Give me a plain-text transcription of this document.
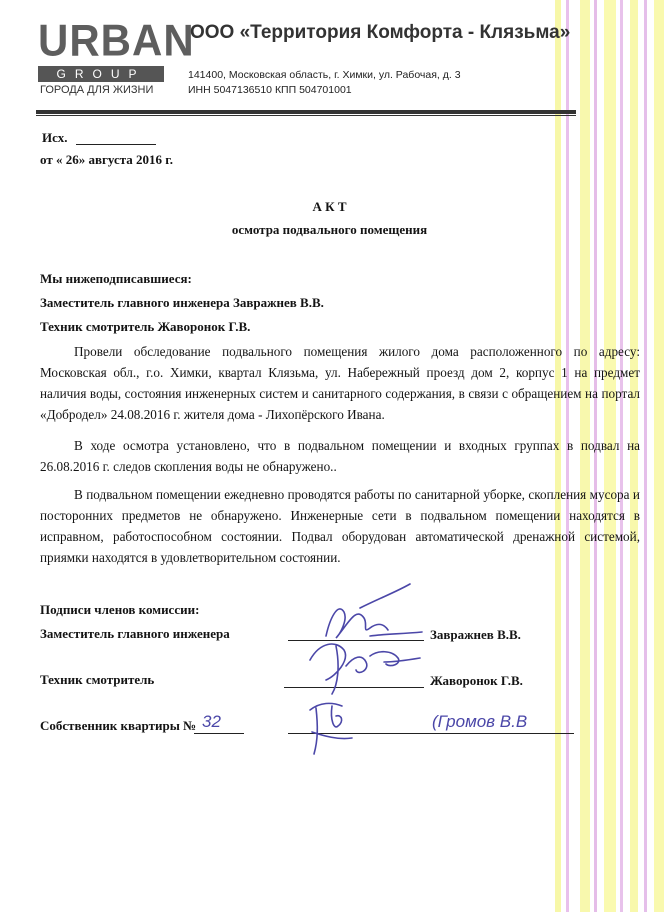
URBAN
GROUP
ГОРОДА ДЛЯ ЖИЗНИ
ООО «Территория Комфорта - Клязьма»
141400, Московская область, г. Химки, ул. Рабочая, д. 3
ИНН 5047136510 КПП 504701001
Исх.
от « 26» августа 2016 г.
А К Т
осмотра подвального помещения
Мы нижеподписавшиеся:
Заместитель главного инженера Завражнев В.В.
Техник смотритель Жаворонок Г.В.
Провели обследование подвального помещения жилого дома расположенного по адресу: Московская обл., г.о. Химки, квартал Клязьма, ул. Набережный проезд дом 2, корпус 1 на предмет наличия воды, состояния инженерных систем и санитарного содержания, в связи с обращением на портал «Добродел» 24.08.2016 г. жителя дома - Лихопёрского Ивана.
В ходе осмотра установлено, что в подвальном помещении и входных группах в подвал на 26.08.2016 г. следов скопления воды не обнаружено..
В подвальном помещении ежедневно проводятся работы по санитарной уборке, скопления мусора и посторонних предметов не обнаружено. Инженерные сети в подвальном помещении находятся в исправном, работоспособном состоянии. Подвал оборудован автоматической дренажной системой, приямки находятся в удовлетворительном состоянии.
Подписи членов комиссии:
Заместитель главного инженера	Завражнев В.В.
Техник смотритель	Жаворонок Г.В.
Собственник квартиры № 32	(Громов В.В
